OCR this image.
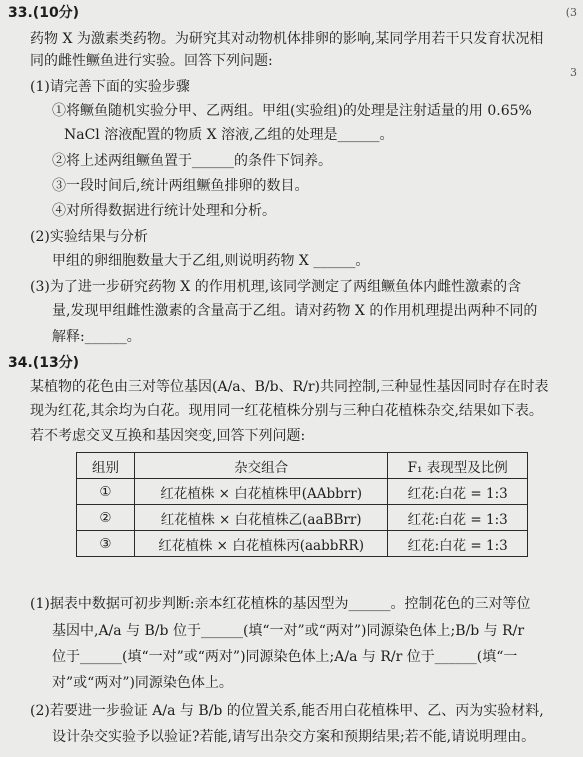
(3
3
33.(10分)
药物 X 为激素类药物。为研究其对动物机体排卵的影响,某同学用若干只发育状况相
同的雌性鳜鱼进行实验。回答下列问题:
(1)请完善下面的实验步骤
①将鳜鱼随机实验分甲、乙两组。甲组(实验组)的处理是注射适量的用 0.65%
NaCl 溶液配置的物质 X 溶液,乙组的处理是______。
②将上述两组鳜鱼置于______的条件下饲养。
③一段时间后,统计两组鳜鱼排卵的数目。
④对所得数据进行统计处理和分析。
(2)实验结果与分析
甲组的卵细胞数量大于乙组,则说明药物 X ______。
(3)为了进一步研究药物 X 的作用机理,该同学测定了两组鳜鱼体内雌性激素的含
量,发现甲组雌性激素的含量高于乙组。请对药物 X 的作用机理提出两种不同的
解释:______。
34.(13分)
某植物的花色由三对等位基因(A/a、B/b、R/r)共同控制,三种显性基因同时存在时表
现为红花,其余均为白花。现用同一红花植株分别与三种白花植株杂交,结果如下表。
若不考虑交叉互换和基因突变,回答下列问题:
组别	杂交组合	F₁ 表现型及比例
①	红花植株 × 白花植株甲(AAbbrr)	红花:白花 = 1:3
②	红花植株 × 白花植株乙(aaBBrr)	红花:白花 = 1:3
③	红花植株 × 白花植株丙(aabbRR)	红花:白花 = 1:3
(1)据表中数据可初步判断:亲本红花植株的基因型为______。控制花色的三对等位
基因中,A/a 与 B/b 位于______(填“一对”或“两对”)同源染色体上;B/b 与 R/r
位于______(填“一对”或“两对”)同源染色体上;A/a 与 R/r 位于______(填“一
对”或“两对”)同源染色体上。
(2)若要进一步验证 A/a 与 B/b 的位置关系,能否用白花植株甲、乙、丙为实验材料,
设计杂交实验予以验证?若能,请写出杂交方案和预期结果;若不能,请说明理由。
